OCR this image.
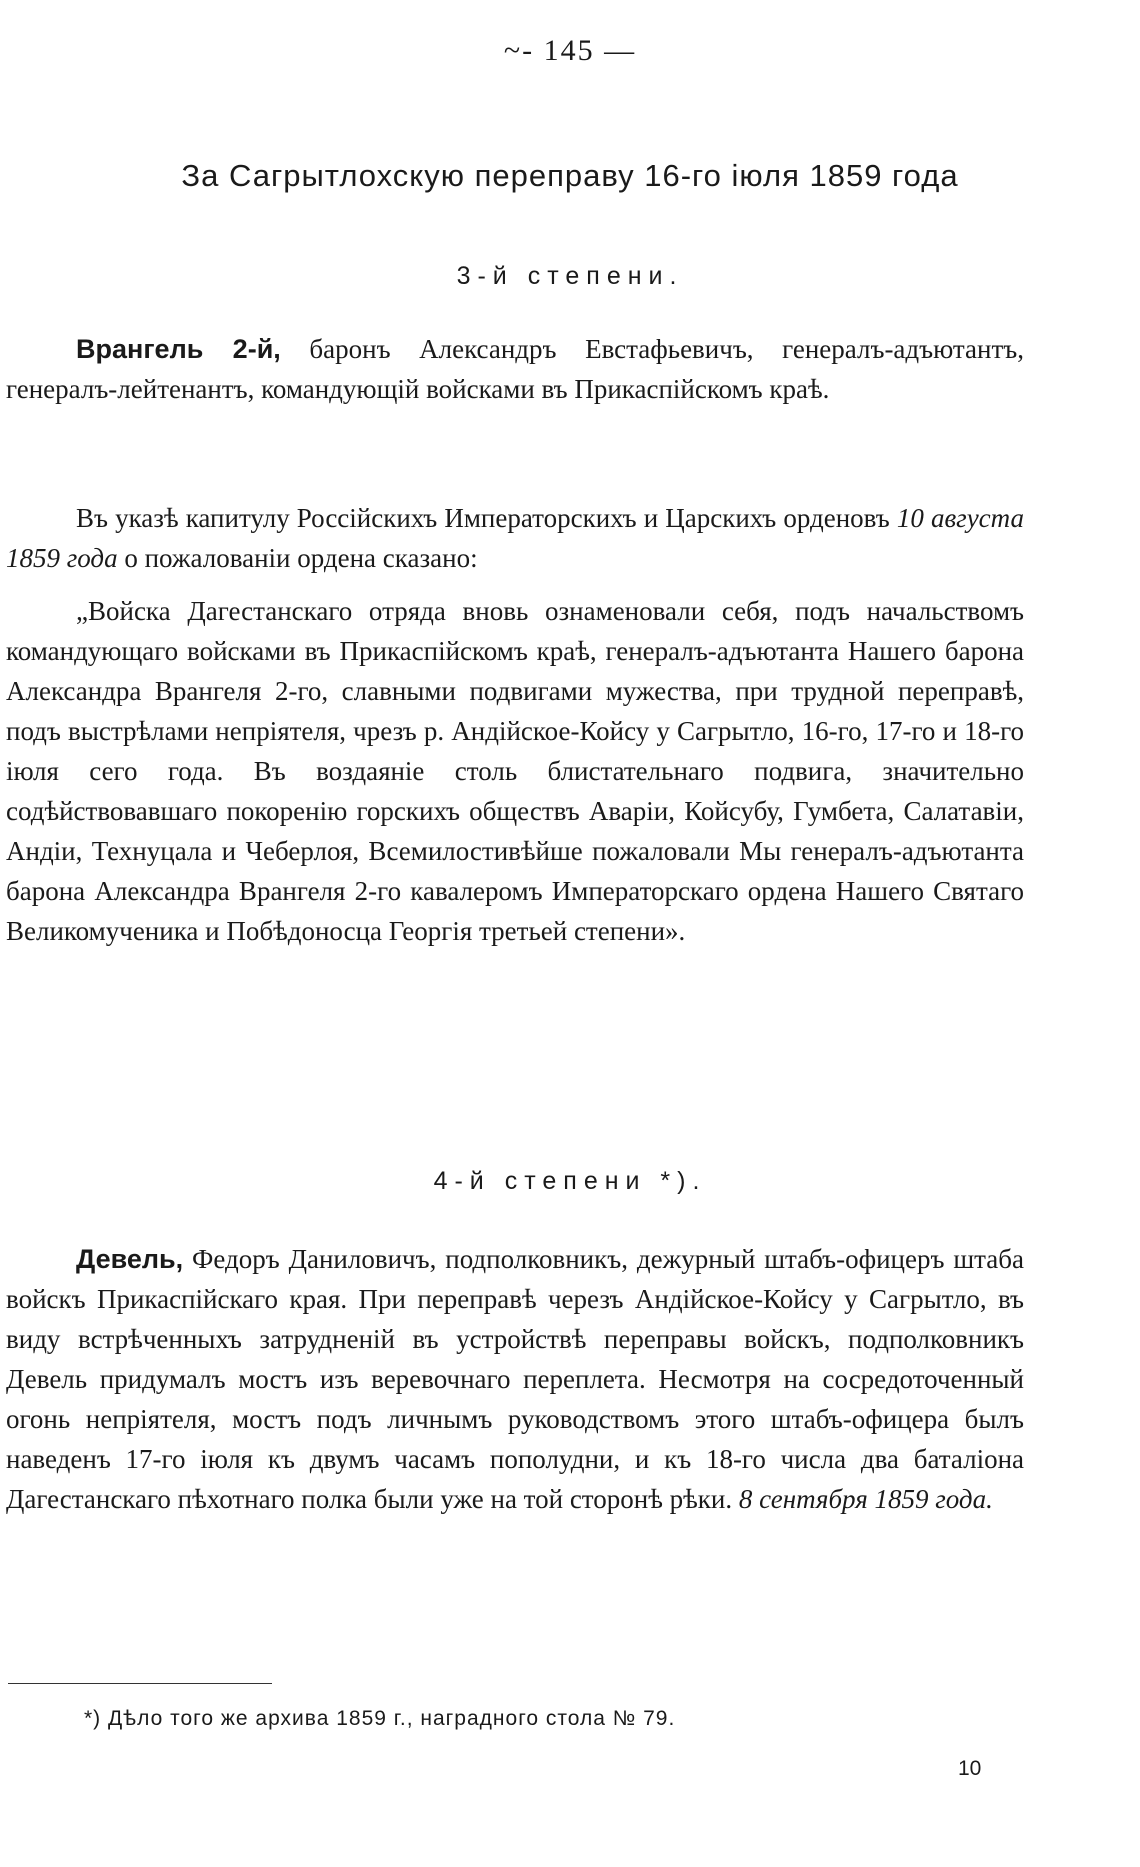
~- 145 —
За Сагрытлохскую переправу 16-го іюля 1859 года
3-й степени.

Врангель 2-й, баронъ Александръ Евстафьевичъ, генералъ-адъютантъ, генералъ-лейтенантъ, командующій войсками въ Прикаспійскомъ краѣ.

Въ указѣ капитулу Россійскихъ Императорскихъ и Царскихъ орденовъ 10 августа 1859 года о пожалованіи ордена сказано:

„Войска Дагестанскаго отряда вновь ознаменовали себя, подъ начальствомъ командующаго войсками въ Прикаспійскомъ краѣ, генералъ-адъютанта Нашего барона Александра Врангеля 2-го, славными подвигами мужества, при трудной переправѣ, подъ выстрѣлами непріятеля, чрезъ р. Андійское-Койсу у Сагрытло, 16-го, 17-го и 18-го іюля сего года. Въ воздаяніе столь блистательнаго подвига, значительно содѣйствовавшаго покоренію горскихъ обществъ Аваріи, Койсубу, Гумбета, Салатавіи, Андіи, Технуцала и Чеберлоя, Всемилостивѣйше пожаловали Мы генералъ-адъютанта барона Александра Врангеля 2-го кавалеромъ Императорскаго ордена Нашего Святаго Великомученика и Побѣдоносца Георгія третьей степени».

4-й степени *).

Девель, Федоръ Даниловичъ, подполковникъ, дежурный штабъ-офицеръ штаба войскъ Прикаспійскаго края. При переправѣ черезъ Андійское-Койсу у Сагрытло, въ виду встрѣченныхъ затрудненій въ устройствѣ переправы войскъ, подполковникъ Девель придумалъ мостъ изъ веревочнаго переплета. Несмотря на сосредоточенный огонь непріятеля, мостъ подъ личнымъ руководствомъ этого штабъ-офицера былъ наведенъ 17-го іюля къ двумъ часамъ пополудни, и къ 18-го числа два баталіона Дагестанскаго пѣхотнаго полка были уже на той сторонѣ рѣки. 8 сентября 1859 года.

*) Дѣло того же архива 1859 г., наградного стола № 79.
10
